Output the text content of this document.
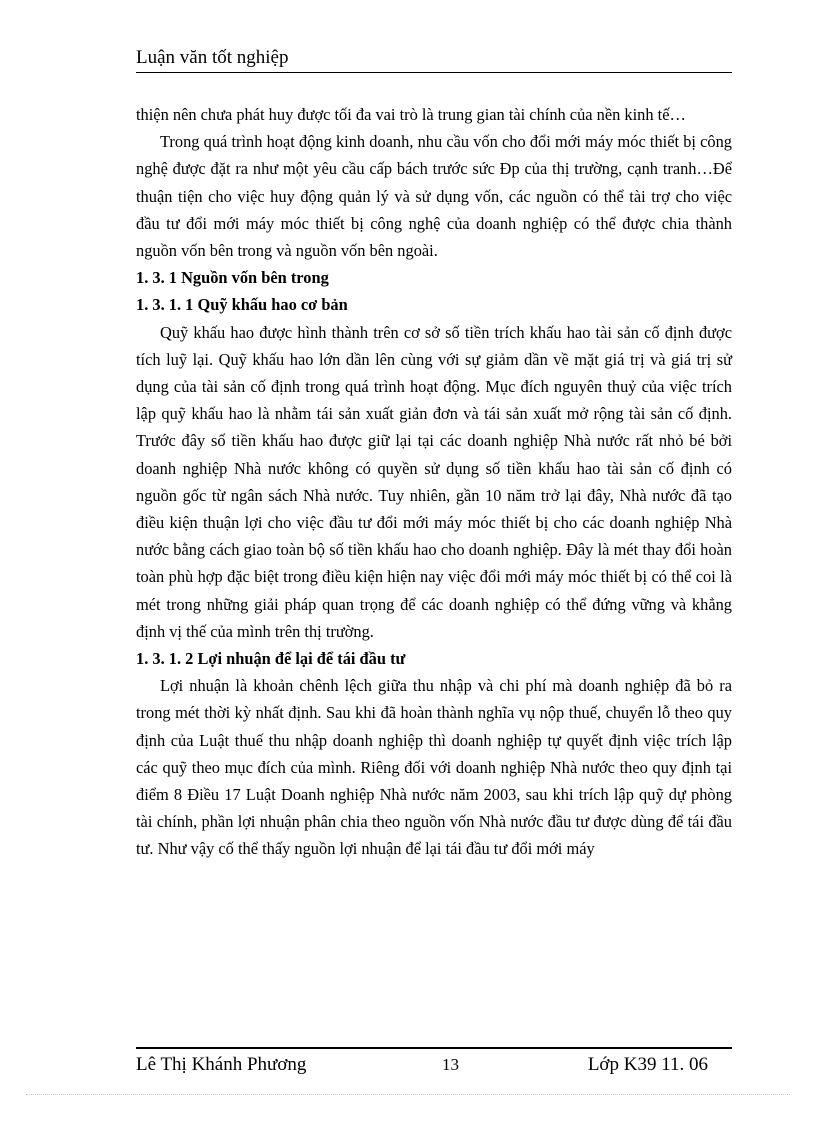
Luận văn tốt nghiệp

thiện nên chưa phát huy được tối đa vai trò là trung gian tài chính của nền kinh tế…

Trong quá trình hoạt động kinh doanh, nhu cầu vốn cho đổi mới máy móc thiết bị công nghệ được đặt ra như một yêu cầu cấp bách trước sức Đp của thị trường, cạnh tranh…Để thuận tiện cho việc huy động quản lý và sử dụng vốn, các nguồn có thể tài trợ cho việc đầu tư đổi mới máy móc thiết bị công nghệ của doanh nghiệp có thể được chia thành nguồn vốn bên trong và nguồn vốn bên ngoài.

1. 3. 1 Nguồn vốn bên trong
1. 3. 1. 1 Quỹ khấu hao cơ bản

Quỹ khấu hao được hình thành trên cơ sở số tiền trích khấu hao tài sản cố định được tích luỹ lại. Quỹ khấu hao lớn dần lên cùng với sự giảm dần về mặt giá trị và giá trị sử dụng của tài sản cố định trong quá trình hoạt động. Mục đích nguyên thuỷ của việc trích lập quỹ khấu hao là nhằm tái sản xuất giản đơn và tái sản xuất mở rộng tài sản cố định. Trước đây số tiền khấu hao được giữ lại tại các doanh nghiệp Nhà nước rất nhỏ bé bởi doanh nghiệp Nhà nước không có quyền sử dụng số tiền khấu hao tài sản cố định có nguồn gốc từ ngân sách Nhà nước. Tuy nhiên, gần 10 năm trở lại đây, Nhà nước đã tạo điều kiện thuận lợi cho việc đầu tư đổi mới máy móc thiết bị cho các doanh nghiệp Nhà nước bằng cách giao toàn bộ số tiền khấu hao cho doanh nghiệp. Đây là mét thay đổi hoàn toàn phù hợp đặc biệt trong điều kiện hiện nay việc đổi mới máy móc thiết bị có thể coi là mét trong những giải pháp quan trọng để các doanh nghiệp có thể đứng vững và khẳng định vị thế của mình trên thị trường.

1. 3. 1. 2 Lợi nhuận để lại để tái đầu tư

Lợi nhuận là khoản chênh lệch giữa thu nhập và chi phí mà doanh nghiệp đã bỏ ra trong mét thời kỳ nhất định. Sau khi đã hoàn thành nghĩa vụ nộp thuế, chuyển lỗ theo quy định của Luật thuế thu nhập doanh nghiệp thì doanh nghiệp tự quyết định việc trích lập các quỹ theo mục đích của mình. Riêng đối với doanh nghiệp Nhà nước theo quy định tại điểm 8 Điều 17 Luật Doanh nghiệp Nhà nước năm 2003, sau khi trích lập quỹ dự phòng tài chính, phần lợi nhuận phân chia theo nguồn vốn Nhà nước đầu tư được dùng để tái đầu tư. Như vậy cố thể thấy nguồn lợi nhuận để lại tái đầu tư đổi mới máy

Lê Thị Khánh Phương	13	Lớp K39 11. 06
